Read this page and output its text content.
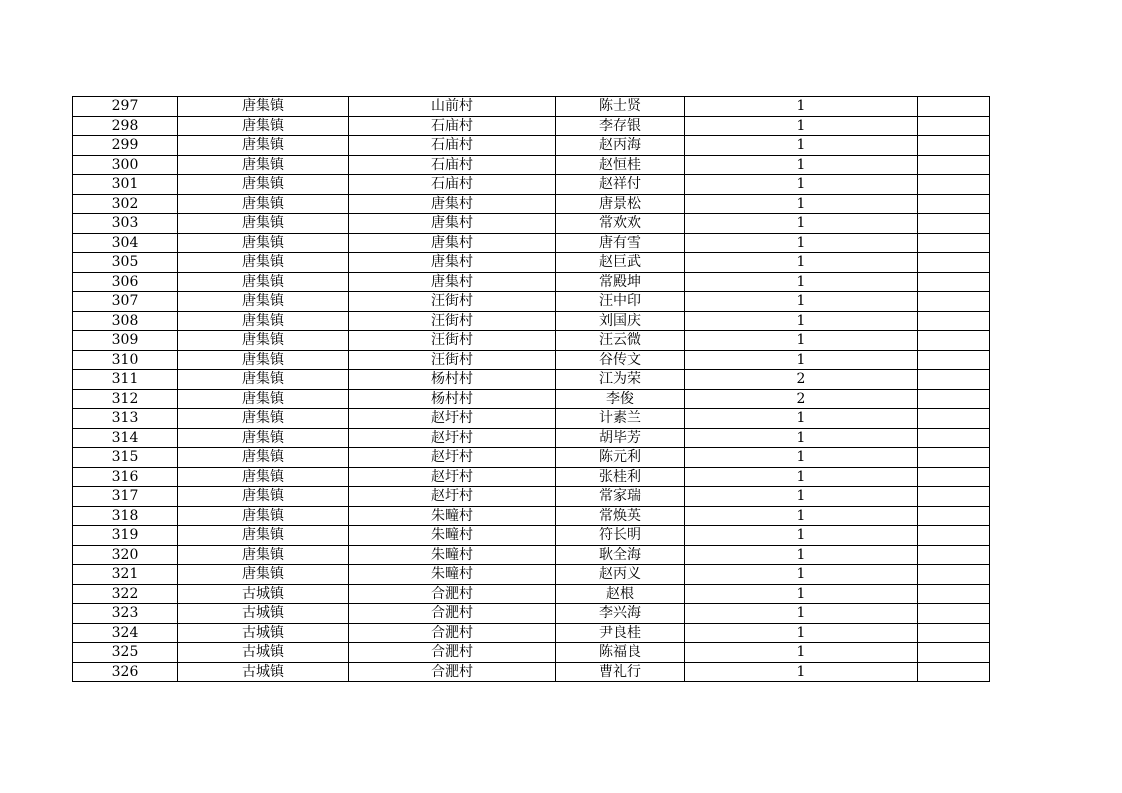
297	唐集镇	山前村	陈士贤	1	
298	唐集镇	石庙村	李存银	1	
299	唐集镇	石庙村	赵丙海	1	
300	唐集镇	石庙村	赵恒桂	1	
301	唐集镇	石庙村	赵祥付	1	
302	唐集镇	唐集村	唐景松	1	
303	唐集镇	唐集村	常欢欢	1	
304	唐集镇	唐集村	唐有雪	1	
305	唐集镇	唐集村	赵巨武	1	
306	唐集镇	唐集村	常殿坤	1	
307	唐集镇	汪街村	汪中印	1	
308	唐集镇	汪街村	刘国庆	1	
309	唐集镇	汪街村	汪云微	1	
310	唐集镇	汪街村	谷传文	1	
311	唐集镇	杨村村	江为荣	2	
312	唐集镇	杨村村	李俊	2	
313	唐集镇	赵圩村	计素兰	1	
314	唐集镇	赵圩村	胡毕芳	1	
315	唐集镇	赵圩村	陈元利	1	
316	唐集镇	赵圩村	张桂利	1	
317	唐集镇	赵圩村	常家瑞	1	
318	唐集镇	朱疃村	常焕英	1	
319	唐集镇	朱疃村	符长明	1	
320	唐集镇	朱疃村	耿全海	1	
321	唐集镇	朱疃村	赵丙义	1	
322	古城镇	合淝村	赵根	1	
323	古城镇	合淝村	李兴海	1	
324	古城镇	合淝村	尹良桂	1	
325	古城镇	合淝村	陈福良	1	
326	古城镇	合淝村	曹礼行	1	
